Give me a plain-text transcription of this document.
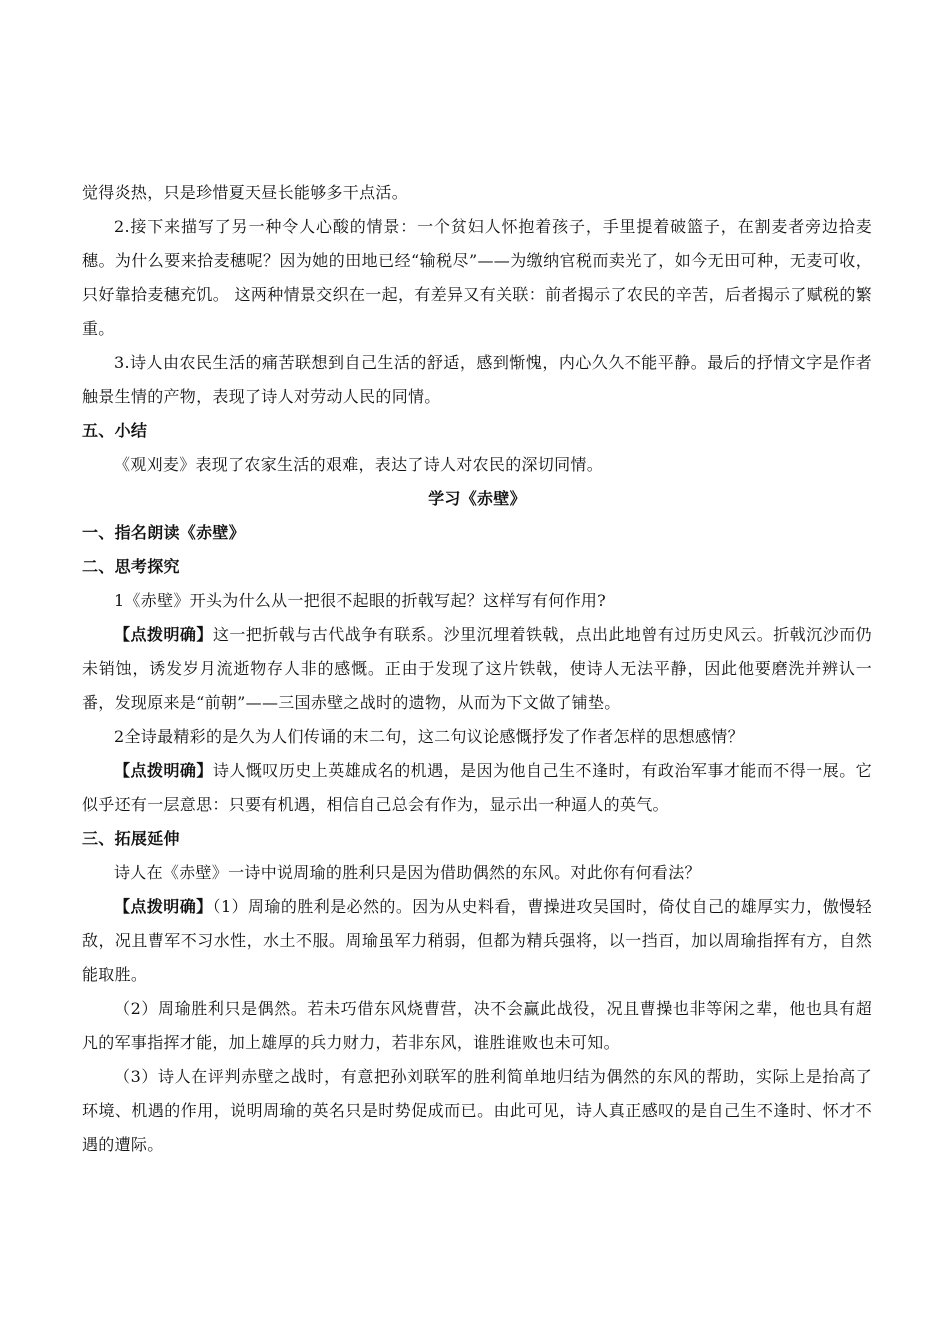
觉得炎热，只是珍惜夏天昼长能够多干点活。

2.接下来描写了另一种令人心酸的情景：一个贫妇人怀抱着孩子，手里提着破篮子，在割麦者旁边拾麦穗。为什么要来拾麦穗呢？因为她的田地已经“输税尽”——为缴纳官税而卖光了，如今无田可种，无麦可收，只好靠拾麦穗充饥。 这两种情景交织在一起，有差异又有关联：前者揭示了农民的辛苦，后者揭示了赋税的繁重。

3.诗人由农民生活的痛苦联想到自己生活的舒适，感到惭愧，内心久久不能平静。最后的抒情文字是作者触景生情的产物，表现了诗人对劳动人民的同情。

五、小结

《观刈麦》表现了农家生活的艰难，表达了诗人对农民的深切同情。

学习《赤壁》

一、指名朗读《赤壁》

二、思考探究

1《赤壁》开头为什么从一把很不起眼的折戟写起？这样写有何作用?

【点拨明确】这一把折戟与古代战争有联系。沙里沉埋着铁戟，点出此地曾有过历史风云。折戟沉沙而仍未销蚀，诱发岁月流逝物存人非的感慨。正由于发现了这片铁戟，使诗人无法平静，因此他要磨洗并辨认一番，发现原来是“前朝”——三国赤壁之战时的遗物，从而为下文做了铺垫。

2全诗最精彩的是久为人们传诵的末二句，这二句议论感慨抒发了作者怎样的思想感情？

【点拨明确】诗人慨叹历史上英雄成名的机遇，是因为他自己生不逢时，有政治军事才能而不得一展。它似乎还有一层意思：只要有机遇，相信自己总会有作为，显示出一种逼人的英气。

三、拓展延伸

诗人在《赤壁》一诗中说周瑜的胜利只是因为借助偶然的东风。对此你有何看法？

【点拨明确】（1）周瑜的胜利是必然的。因为从史料看，曹操进攻吴国时，倚仗自己的雄厚实力，傲慢轻敌，况且曹军不习水性，水土不服。周瑜虽军力稍弱，但都为精兵强将，以一挡百，加以周瑜指挥有方，自然能取胜。

（2）周瑜胜利只是偶然。若未巧借东风烧曹营，决不会赢此战役，况且曹操也非等闲之辈，他也具有超凡的军事指挥才能，加上雄厚的兵力财力，若非东风，谁胜谁败也未可知。

（3）诗人在评判赤壁之战时，有意把孙刘联军的胜利简单地归结为偶然的东风的帮助，实际上是抬高了环境、机遇的作用，说明周瑜的英名只是时势促成而已。由此可见，诗人真正感叹的是自己生不逢时、怀才不遇的遭际。
